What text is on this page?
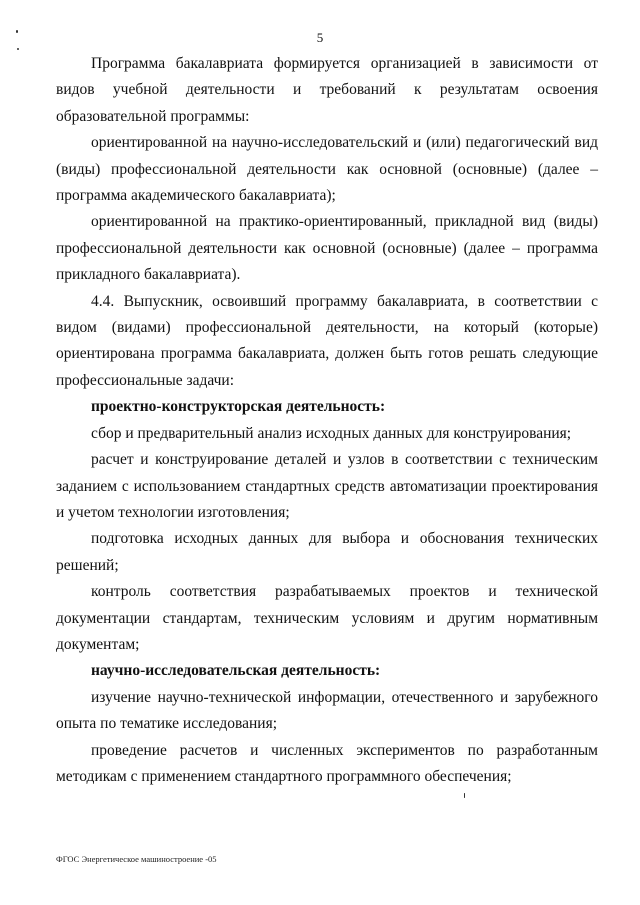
5

Программа бакалавриата формируется организацией в зависимости от видов учебной деятельности и требований к результатам освоения образовательной программы:

ориентированной на научно-исследовательский и (или) педагогический вид (виды) профессиональной деятельности как основной (основные) (далее – программа академического бакалавриата);

ориентированной на практико-ориентированный, прикладной вид (виды) профессиональной деятельности как основной (основные) (далее – программа прикладного бакалавриата).

4.4. Выпускник, освоивший программу бакалавриата, в соответствии с видом (видами) профессиональной деятельности, на который (которые) ориентирована программа бакалавриата, должен быть готов решать следующие профессиональные задачи:

проектно-конструкторская деятельность:

сбор и предварительный анализ исходных данных для конструирования;

расчет и конструирование деталей и узлов в соответствии с техническим заданием с использованием стандартных средств автоматизации проектирования и учетом технологии изготовления;

подготовка исходных данных для выбора и обоснования технических решений;

контроль соответствия разрабатываемых проектов и технической документации стандартам, техническим условиям и другим нормативным документам;

научно-исследовательская деятельность:

изучение научно-технической информации, отечественного и зарубежного опыта по тематике исследования;

проведение расчетов и численных экспериментов по разработанным методикам с применением стандартного программного обеспечения;

ФГОС Энергетическое машиностроение -05
